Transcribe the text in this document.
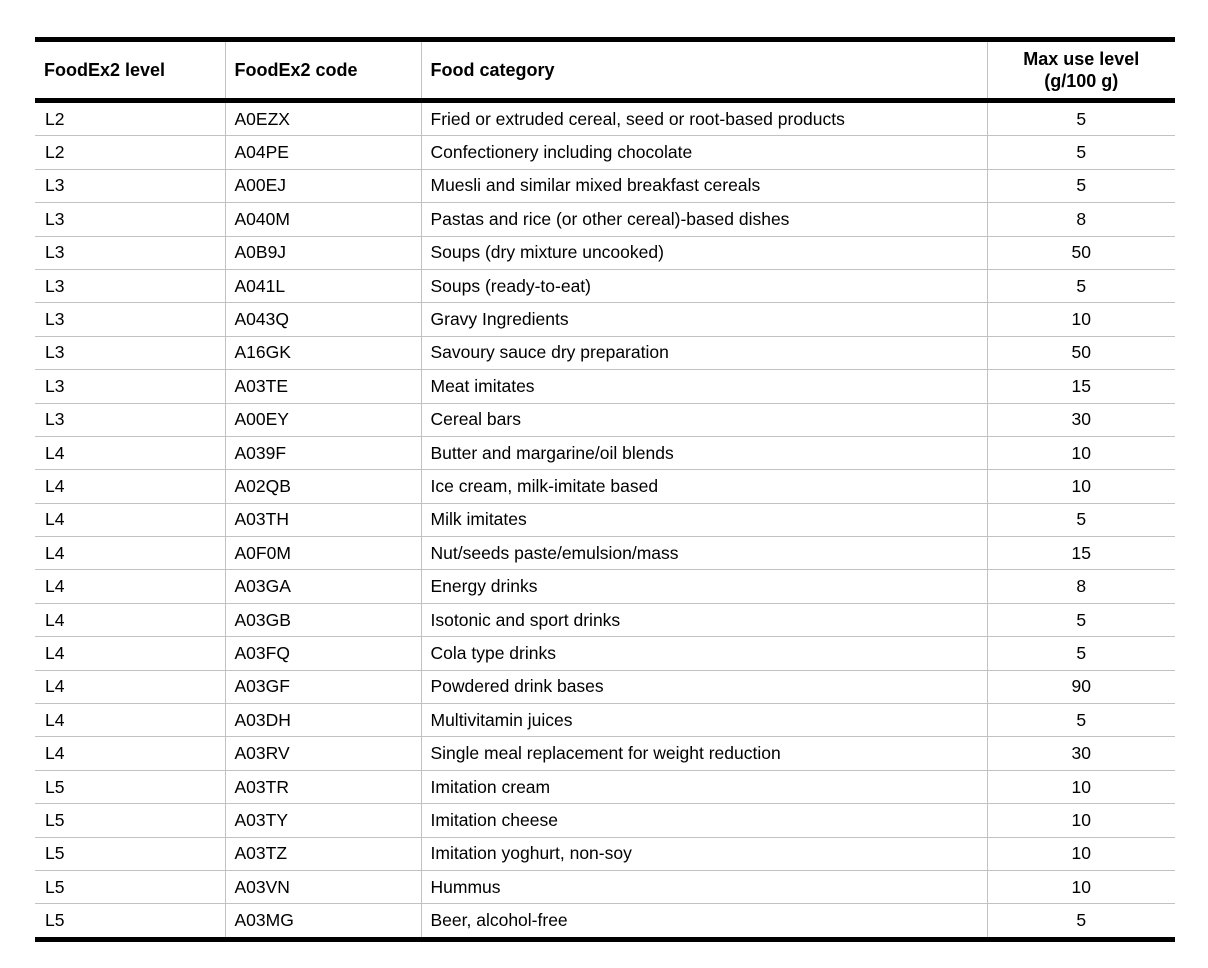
FoodEx2 level	FoodEx2 code	Food category	Max use level
(g/100 g)
L2	A0EZX	Fried or extruded cereal, seed or root-based products	5
L2	A04PE	Confectionery including chocolate	5
L3	A00EJ	Muesli and similar mixed breakfast cereals	5
L3	A040M	Pastas and rice (or other cereal)-based dishes	8
L3	A0B9J	Soups (dry mixture uncooked)	50
L3	A041L	Soups (ready-to-eat)	5
L3	A043Q	Gravy Ingredients	10
L3	A16GK	Savoury sauce dry preparation	50
L3	A03TE	Meat imitates	15
L3	A00EY	Cereal bars	30
L4	A039F	Butter and margarine/oil blends	10
L4	A02QB	Ice cream, milk-imitate based	10
L4	A03TH	Milk imitates	5
L4	A0F0M	Nut/seeds paste/emulsion/mass	15
L4	A03GA	Energy drinks	8
L4	A03GB	Isotonic and sport drinks	5
L4	A03FQ	Cola type drinks	5
L4	A03GF	Powdered drink bases	90
L4	A03DH	Multivitamin juices	5
L4	A03RV	Single meal replacement for weight reduction	30
L5	A03TR	Imitation cream	10
L5	A03TY	Imitation cheese	10
L5	A03TZ	Imitation yoghurt, non-soy	10
L5	A03VN	Hummus	10
L5	A03MG	Beer, alcohol-free	5
